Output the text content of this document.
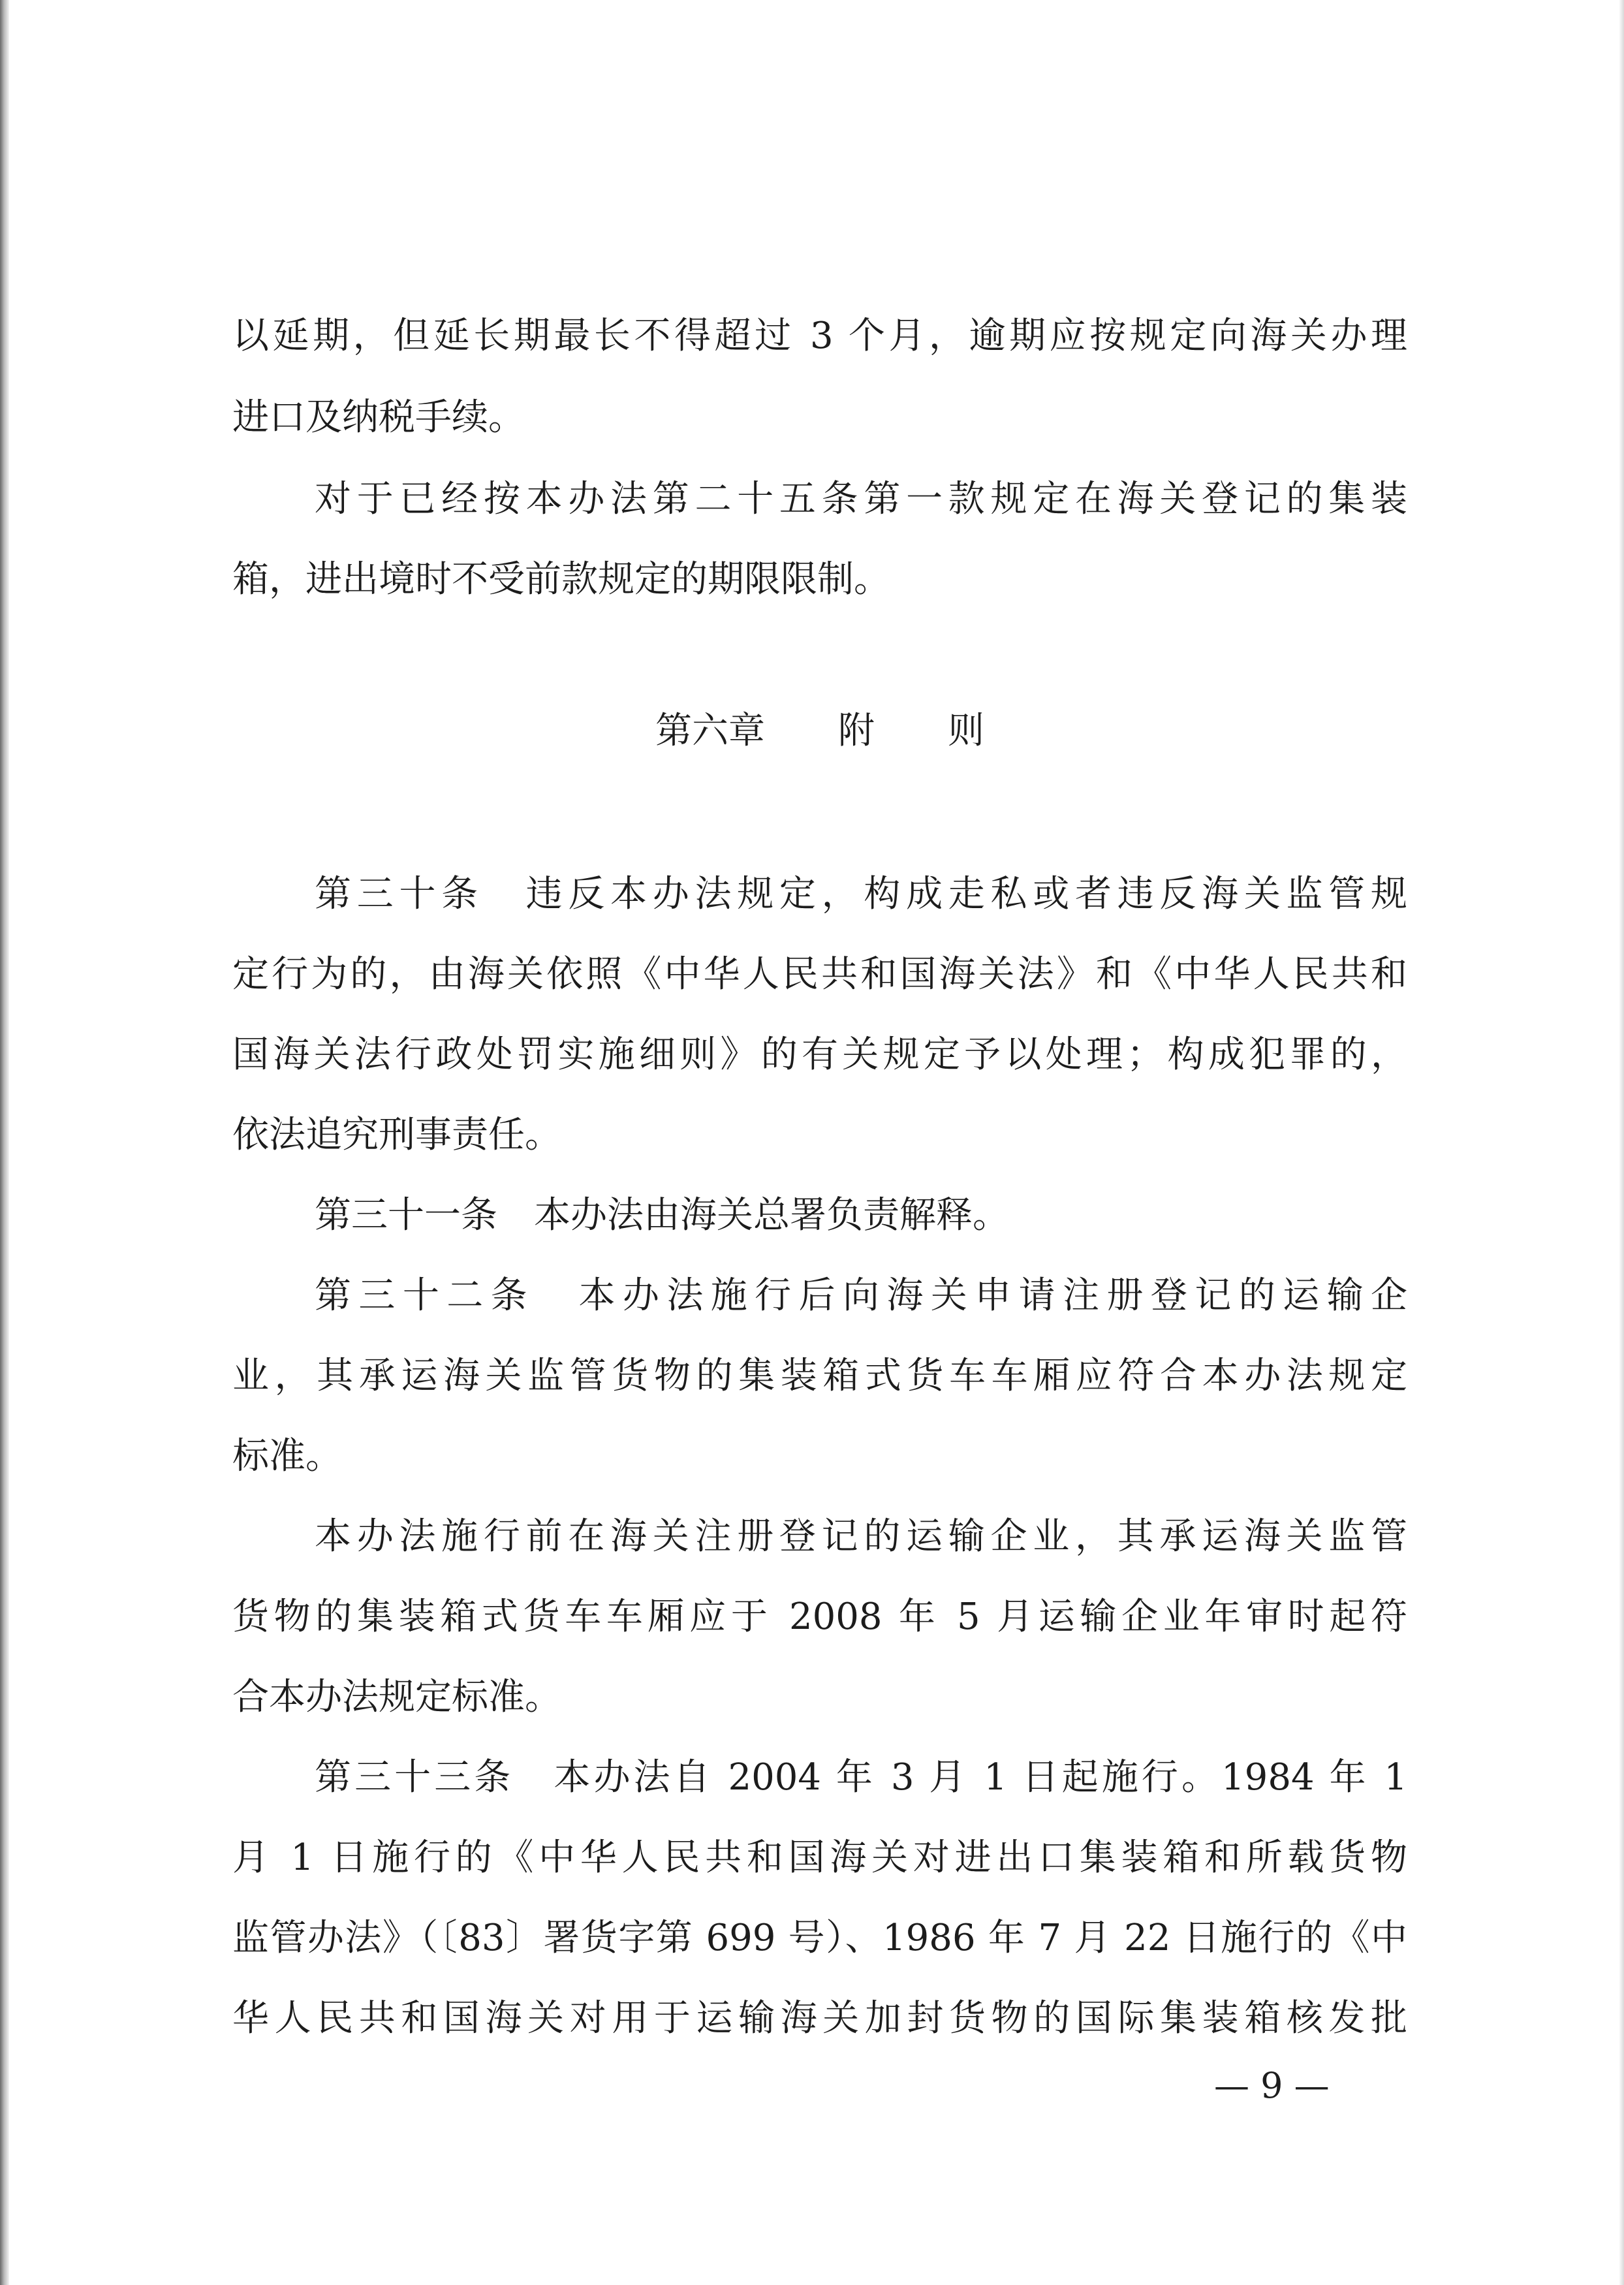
以延期，但延长期最长不得超过 3 个月，逾期应按规定向海关办理
进口及纳税手续。
对于已经按本办法第二十五条第一款规定在海关登记的集装
箱，进出境时不受前款规定的期限限制。
第六章　　附　　则
第三十条　违反本办法规定，构成走私或者违反海关监管规
定行为的，由海关依照《中华人民共和国海关法》和《中华人民共和
国海关法行政处罚实施细则》的有关规定予以处理；构成犯罪的，
依法追究刑事责任。
第三十一条　本办法由海关总署负责解释。
第三十二条　本办法施行后向海关申请注册登记的运输企
业，其承运海关监管货物的集装箱式货车车厢应符合本办法规定
标准。
本办法施行前在海关注册登记的运输企业，其承运海关监管
货物的集装箱式货车车厢应于 2008 年 5 月运输企业年审时起符
合本办法规定标准。
第三十三条　本办法自 2004 年 3 月 1 日起施行。1984 年 1
月 1 日施行的《中华人民共和国海关对进出口集装箱和所载货物
监管办法》（〔83〕署货字第 699 号）、1986 年 7 月 22 日施行的《中
华人民共和国海关对用于运输海关加封货物的国际集装箱核发批
— 9 —
